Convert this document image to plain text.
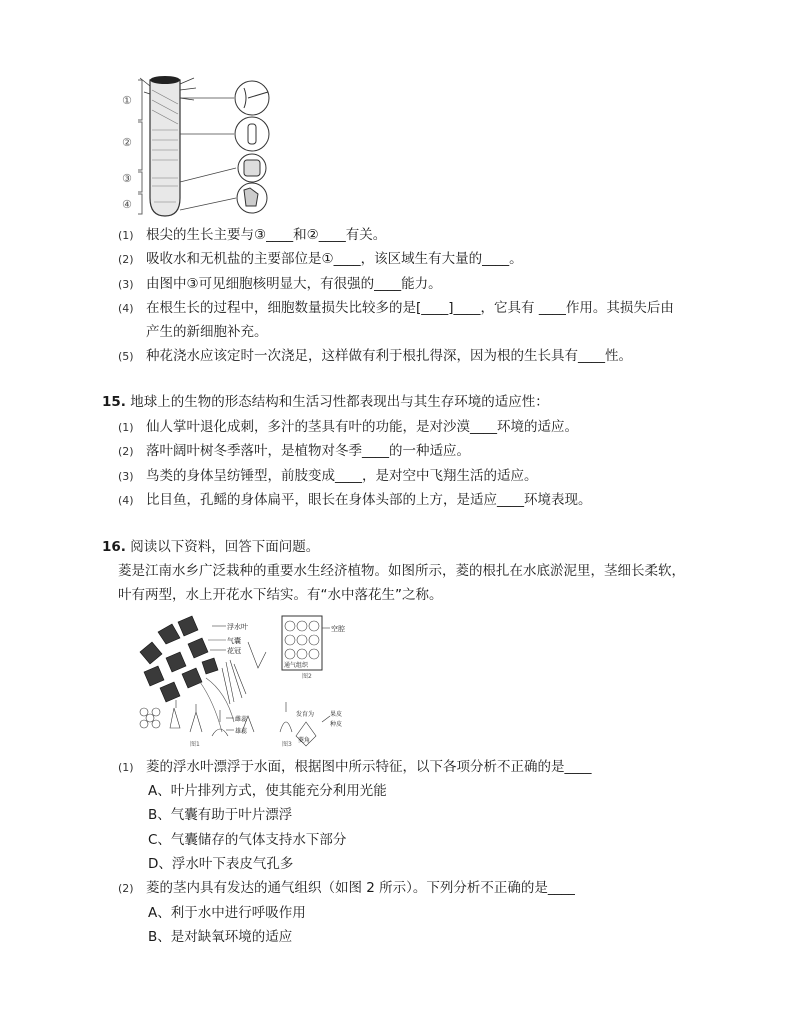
①
②
③
④
(1) 根尖的生长主要与③____和②____有关。
(2) 吸收水和无机盐的主要部位是①____，该区域生有大量的____。
(3) 由图中③可见细胞核明显大，有很强的____能力。
(4) 在根生长的过程中，细胞数量损失比较多的是[____]____，它具有 ____作用。其损失后由
产生的新细胞补充。
(5) 种花浇水应该定时一次浇足，这样做有利于根扎得深，因为根的生长具有____性。
15. 地球上的生物的形态结构和生活习性都表现出与其生存环境的适应性：
(1) 仙人掌叶退化成刺，多汁的茎具有叶的功能，是对沙漠____环境的适应。
(2) 落叶阔叶树冬季落叶，是植物对冬季____的一种适应。
(3) 鸟类的身体呈纺锤型，前肢变成____，是对空中飞翔生活的适应。
(4) 比目鱼，孔鳐的身体扁平，眼长在身体头部的上方，是适应____环境表现。
16. 阅读以下资料，回答下面问题。
菱是江南水乡广泛栽种的重要水生经济植物。如图所示，菱的根扎在水底淤泥里，茎细长柔软，
叶有两型，水上开花水下结实。有“水中落花生”之称。
浮水叶
气囊
花冠
空腔
通气组织
图2
雌蕊
雄蕊
发育为	果皮
种皮
菱角
图1	图3
(1) 菱的浮水叶漂浮于水面，根据图中所示特征，以下各项分析不正确的是____
A、叶片排列方式，使其能充分利用光能
B、气囊有助于叶片漂浮
C、气囊储存的气体支持水下部分
D、浮水叶下表皮气孔多
(2) 菱的茎内具有发达的通气组织（如图 2 所示）。下列分析不正确的是____
A、利于水中进行呼吸作用
B、是对缺氧环境的适应
